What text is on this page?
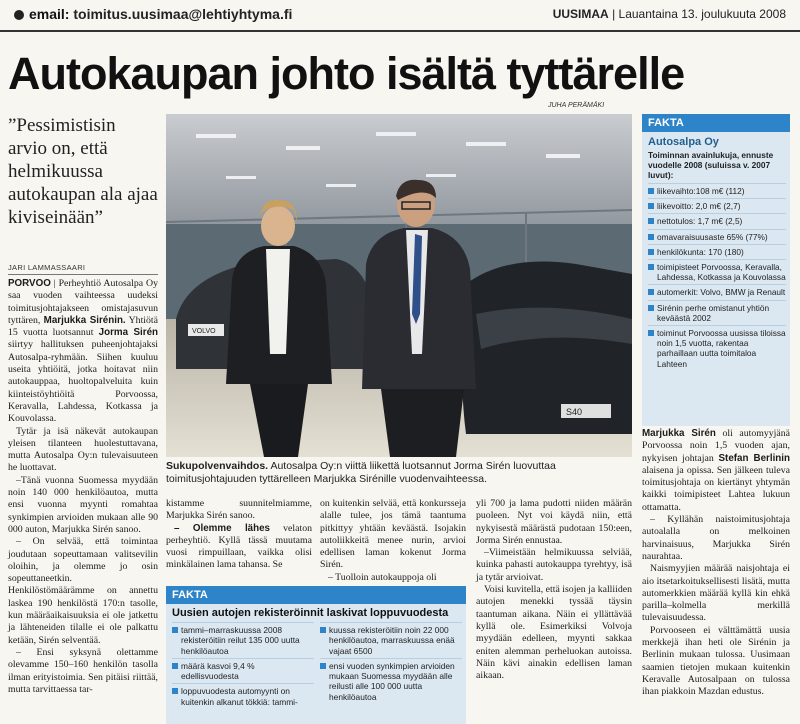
email: toimitus.uusimaa@lehtiyhtyma.fi	UUSIMAA | Lauantaina 13. joulukuuta 2008
Autokaupan johto isältä tyttärelle
JUHA PERÄMÄKI
”Pessimistisin arvio on, että helmikuussa autokaupan ala ajaa kiviseinään”
JARI LAMMASSAARI
VOLVO
S40
Sukupolvenvaihdos. Autosalpa Oy:n viittä liikettä luotsannut Jorma Sirén luovuttaa toimitusjohtajuuden tyttärelleen Marjukka Sirénille vuodenvaihteessa.

PORVOO | Perheyhtiö Autosalpa Oy saa vuoden vaihteessa uudeksi toimitusjohtajakseen omistajasuvun tyttären, Marjukka Sirénin. Yhtiötä 15 vuotta luotsannut Jorma Sirén siirtyy hallituksen puheenjohtajaksi Autosalpa-ryhmään. Siihen kuuluu useita yhtiöitä, jotka hoitavat niin autokauppaa, huoltopalveluita kuin kiinteistöyhtiöitä Porvoossa, Keravalla, Lahdessa, Kotkassa ja Kouvolassa.

Tytär ja isä näkevät autokaupan yleisen tilanteen huolestuttavana, mutta Autosalpa Oy:n tulevaisuuteen he luottavat.

–Tänä vuonna Suomessa myydään noin 140 000 henkilöautoa, mutta ensi vuonna myynti romahtaa synkimpien arvioiden mukaan alle 90 000 auton, Marjukka Sirén sanoo.

– On selvää, että toimintaa joudutaan sopeuttamaan valitsevilin oloihin, ja olemme jo osin sopeuttaneetkin. Henkilöstömäärämme on annettu laskea 190 henkilöstä 170:n tasolle, kun määräaikaisuuksia ei ole jatkettu ja lähteneiden tilalle ei ole palkattu ketään, Sirén selventää.

– Ensi syksynä olettamme olevamme 150–160 henkilön tasolla ilman erityistoimia. Sen pitäisi riittää, mutta tarvittaessa tar-

kistamme suunnitelmiamme, Marjukka Sirén sanoo.

– Olemme lähes velaton perheyhtiö. Kyllä tässä muutama vuosi rimpuillaan, vaikka olisi minkälainen lama tahansa. Se

on kuitenkin selvää, että konkursseja alalle tulee, jos tämä taantuma pitkittyy yhtään keväästä. Isojakin autoliikkeitä menee nurin, arvioi edellisen laman kokenut Jorma Sirén.

– Tuolloin autokauppoja oli

yli 700 ja lama pudotti niiden määrän puoleen. Nyt voi käydä niin, että nykyisestä määrästä pudotaan 150:een, Jorma Sirén ennustaa.

–Viimeistään helmikuussa selviää, kuinka pahasti autokauppa tyrehtyy, isä ja tytär arvioivat.

Voisi kuvitella, että isojen ja kalliiden autojen menekki tyssää täysin taantuman aikana. Näin ei yllättävää kyllä ole. Esimerkiksi Volvoja myydään edelleen, myynti sakkaa eniten alemman perheluokan autoissa. Näin kävi ainakin edellisen laman aikaan.

Marjukka Sirén oli automyyjänä Porvoossa noin 1,5 vuoden ajan, nykyisen johtajan Stefan Berlinin alaisena ja opissa. Sen jälkeen tuleva toimitusjohtaja on kiertänyt yhtymän kaikki toimipisteet Lahtea lukuun ottamatta.

– Kyllähän naistoimitusjohtaja autoalalla on melkoinen harvinaisuus, Marjukka Sirén naurahtaa.

Naismyyjien määrää naisjohtaja ei aio itsetarkoituksellisesti lisätä, mutta automerkkien määrää kyllä kin ehkä parilla–kolmella merkillä tulevaisuudessa.

Porvooseen ei välttämättä uusia merkkejä ihan heti ole Sirénin ja Berlinin mukaan tulossa. Uusimaan saamien tietojen mukaan kuitenkin Keravalle Autosalpaan on tulossa ihan piakkoin Mazdan edustus.

FAKTA
Autosalpa Oy
Toiminnan avainlukuja, ennuste vuodelle 2008 (suluissa v. 2007 luvut):
liikevaihto:108 m€ (112)
liikevoitto: 2,0 m€ (2,7)
nettotulos: 1,7 m€ (2,5)
omavaraisuusaste 65% (77%)
henkilökunta: 170 (180)
toimipisteet Porvoossa, Keravalla, Lahdessa, Kotkassa ja Kouvolassa
automerkit: Volvo, BMW ja Renault
Sirénin perhe omistanut yhtiön keväästä 2002
toiminut Porvoossa uusissa tiloissa noin 1,5 vuotta, rakentaa parhaillaan uutta toimitaloa Lahteen
FAKTA
Uusien autojen rekisteröinnit laskivat loppuvuodesta
tammi–marraskuussa 2008 rekisteröitiin reilut 135 000 uutta henkilöautoa
määrä kasvoi 9,4 % edellisvuodesta
loppuvuodesta automyynti on kuitenkin alkanut tökkiä: tammi-
kuussa rekisteröitiin noin 22 000 henkilöautoa, marraskuussa enää vajaat 6500
ensi vuoden synkimpien arvioiden mukaan Suomessa myydään alle reilusti alle 100 000 uutta henkilöautoa
